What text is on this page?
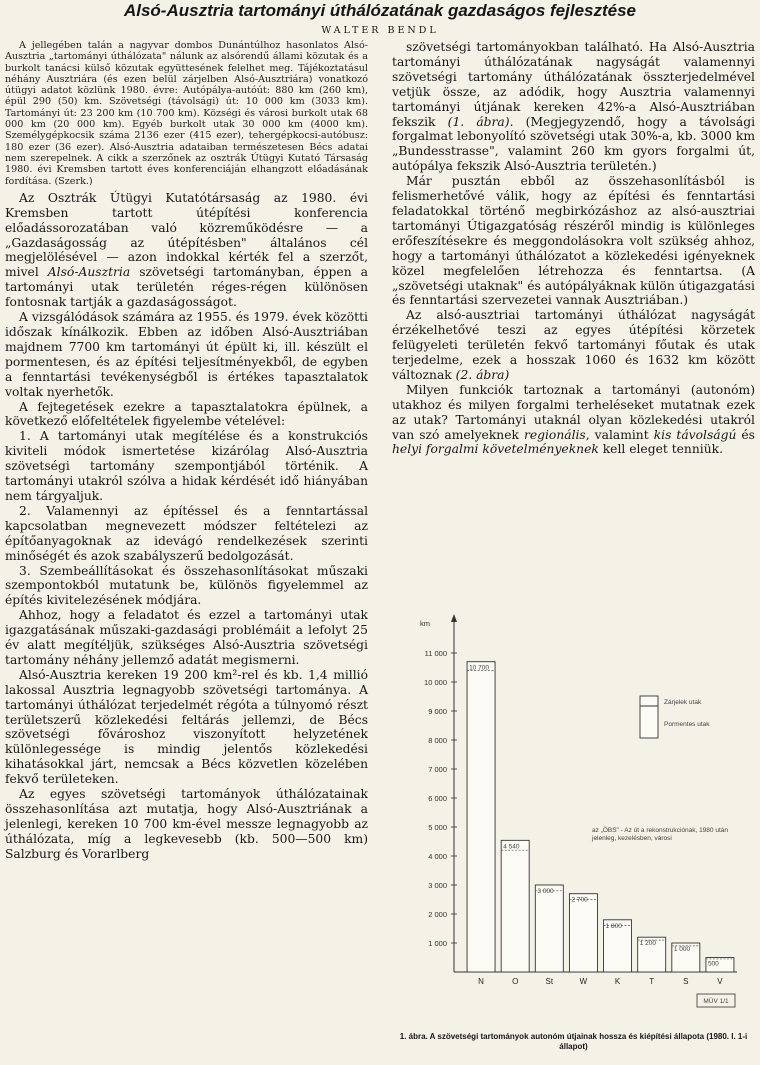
Alsó-Ausztria tartományi úthálózatának gazdaságos fejlesztése
WALTER BENDL

A jellegében talán a nagyvar dombos Dunántúlhoz hasonlatos Alsó-Ausztria „tartományi úthálózata" nálunk az alsórendű állami közutak és a burkolt tanácsi külső közutak együttesének felelhet meg. Tájékoztatásul néhány Ausztriára (és ezen belül zárjelben Alsó-Ausztriára) vonatkozó útügyi adatot közlünk 1980. évre: Autópálya-autóút: 880 km (260 km), épül 290 (50) km. Szövetségi (távolsági) út: 10 000 km (3033 km). Tartományi út: 23 200 km (10 700 km). Községi és városi burkolt utak 68 000 km (20 000 km). Egyéb burkolt utak 30 000 km (4000 km). Személygépkocsik száma 2136 ezer (415 ezer), tehergépkocsi-autóbusz: 180 ezer (36 ezer). Alsó-Ausztria adataiban természetesen Bécs adatai nem szerepelnek. A cikk a szerzőnek az osztrák Útügyi Kutató Társaság 1980. évi Kremsben tartott éves konferenciáján elhangzott előadásának fordítása. (Szerk.)

Az Osztrák Útügyi Kutatótársaság az 1980. évi Kremsben tartott útépítési konferencia előadássorozatában való közreműködésre — a „Gazdaságosság az útépítésben" általános cél megjelölésével — azon indokkal kérték fel a szerzőt, mivel Alsó-Ausztria szövetségi tartományban, éppen a tartományi utak területén réges-régen különösen fontosnak tartják a gazdaságosságot.

A vizsgálódások számára az 1955. és 1979. évek közötti időszak kínálkozik. Ebben az időben Alsó-Ausztriában majdnem 7700 km tartományi út épült ki, ill. készült el pormentesen, és az építési teljesítményekből, de egyben a fenntartási tevékenységből is értékes tapasztalatok voltak nyerhetők.

A fejtegetések ezekre a tapasztalatokra épülnek, a következő előfeltételek figyelembe vételével:

1. A tartományi utak megítélése és a konstrukciós kiviteli módok ismertetése kizárólag Alsó-Ausztria szövetségi tartomány szempontjából történik. A tartományi utakról szólva a hidak kérdését idő hiányában nem tárgyaljuk.

2. Valamennyi az építéssel és a fenntartással kapcsolatban megnevezett módszer feltételezi az építőanyagoknak az idevágó rendelkezések szerinti minőségét és azok szabályszerű bedolgozását.

3. Szembeállításokat és összehasonlításokat műszaki szempontokból mutatunk be, különös figyelemmel az építés kivitelezésének módjára.

Ahhoz, hogy a feladatot és ezzel a tartományi utak igazgatásának műszaki-gazdasági problémáit a lefolyt 25 év alatt megítéljük, szükséges Alsó-Ausztria szövetségi tartomány néhány jellemző adatát megismerni.

Alsó-Ausztria kereken 19 200 km²-rel és kb. 1,4 millió lakossal Ausztria legnagyobb szövetségi tartománya. A tartományi úthálózat terjedelmét régóta a túlnyomó részt területszerű közlekedési feltárás jellemzi, de Bécs szövetségi fővároshoz viszonyított helyzetének különlegessége is mindig jelentős közlekedési kihatásokkal járt, nemcsak a Bécs közvetlen közelében fekvő területeken.

Az egyes szövetségi tartományok úthálózatainak összehasonlítása azt mutatja, hogy Alsó-Ausztriának a jelenlegi, kereken 10 700 km-ével messze legnagyobb az úthálózata, míg a legkevesebb (kb. 500—500 km) Salzburg és Vorarlberg

szövetségi tartományokban található. Ha Alsó-Ausztria tartományi úthálózatának nagyságát valamennyi szövetségi tartomány úthálózatának összterjedelmével vetjük össze, az adódik, hogy Ausztria valamennyi tartományi útjának kereken 42%-a Alsó-Ausztriában fekszik (1. ábra). (Megjegyzendő, hogy a távolsági forgalmat lebonyolító szövetségi utak 30%-a, kb. 3000 km „Bundesstrasse", valamint 260 km gyors forgalmi út, autópálya fekszik Alsó-Ausztria területén.)

Már pusztán ebből az összehasonlításból is felismerhetővé válik, hogy az építési és fenntartási feladatokkal történő megbirkózáshoz az alsó-ausztriai tartományi Útigazgatóság részéről mindig is különleges erőfeszítésekre és meggondolásokra volt szükség ahhoz, hogy a tartományi úthálózatot a közlekedési igényeknek közel megfelelően létrehozza és fenntartsa. (A „szövetségi utaknak" és autópályáknak külön útigazgatási és fenntartási szervezetei vannak Ausztriában.)

Az alsó-ausztriai tartományi úthálózat nagyságát érzékelhetővé teszi az egyes útépítési körzetek felügyeleti területén fekvő tartományi főutak és utak terjedelme, ezek a hosszak 1060 és 1632 km között változnak (2. ábra)

Milyen funkciók tartoznak a tartományi (autonóm) utakhoz és milyen forgalmi terheléseket mutatnak ezek az utak? Tartományi utaknál olyan közlekedési utakról van szó amelyeknek regionális, valamint kis távolságú és helyi forgalmi követelményeknek kell eleget tenniük.

km
1 000
2 000
3 000
4 000
5 000
6 000
7 000
8 000
9 000
10 000
11 000
10 700
N
4 540
O
3 000
St
2 700
W
1 800
K
1 200
T
1 000
S
500
V
Zárjelek utak
Pormentes utak
az „ÖBS" - Az út a rekonstrukciónak, 1980 után
jelenleg, kezelésben, városi
MÜV 1/1
1. ábra. A szövetségi tartományok autonóm útjainak hossza és kiépítési állapota (1980. I. 1-i állapot)
